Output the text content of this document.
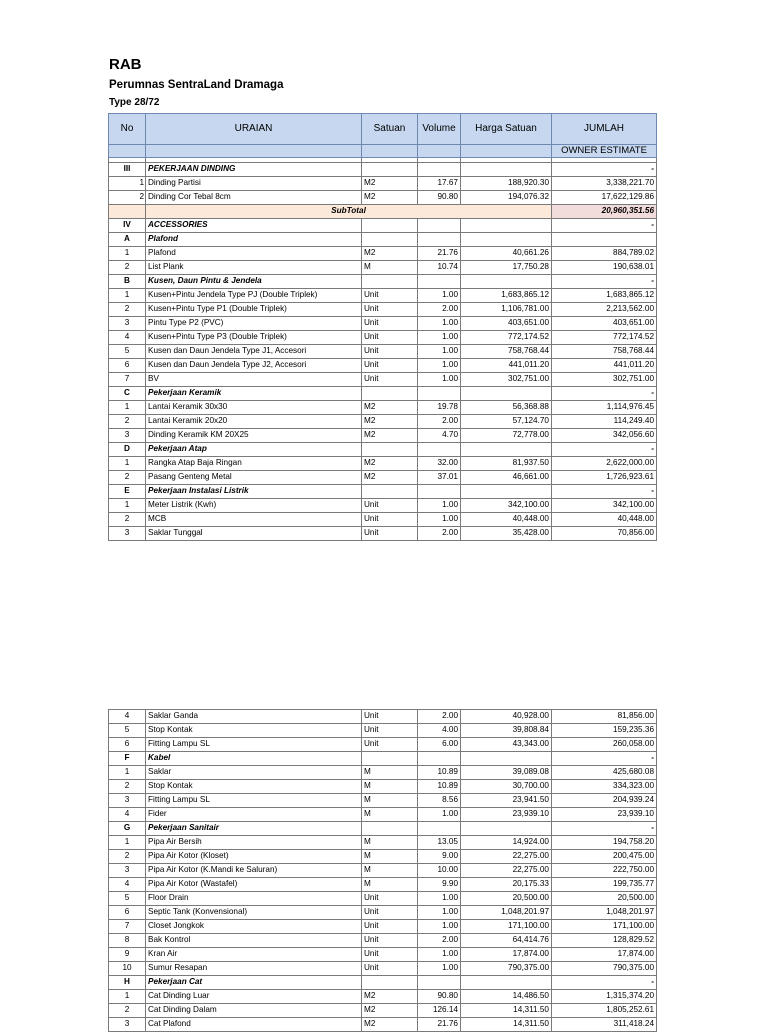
RAB
Perumnas SentraLand Dramaga
Type 28/72
No	URAIAN	Satuan	Volume	Harga Satuan	JUMLAH
					OWNER ESTIMATE

III	PEKERJAAN DINDING				-
1	Dinding Partisi	M2	17.67	188,920.30	3,338,221.70
2	Dinding Cor Tebal 8cm	M2	90.80	194,076.32	17,622,129.86
	SubTotal				20,960,351.56
IV	ACCESSORIES				-
A	Plafond				
1	Plafond	M2	21.76	40,661.26	884,789.02
2	List Plank	M	10.74	17,750.28	190,638.01
B	Kusen, Daun Pintu & Jendela				-
1	Kusen+Pintu Jendela Type PJ (Double Triplek)	Unit	1.00	1,683,865.12	1,683,865.12
2	Kusen+Pintu Type P1 (Double Triplek)	Unit	2.00	1,106,781.00	2,213,562.00
3	Pintu Type P2 (PVC)	Unit	1.00	403,651.00	403,651.00
4	Kusen+Pintu Type P3 (Double Triplek)	Unit	1.00	772,174.52	772,174.52
5	Kusen dan Daun Jendela Type J1, Accesori	Unit	1.00	758,768.44	758,768.44
6	Kusen dan Daun Jendela Type J2, Accesori	Unit	1.00	441,011.20	441,011.20
7	BV	Unit	1.00	302,751.00	302,751.00
C	Pekerjaan Keramik				-
1	Lantai Keramik 30x30	M2	19.78	56,368.88	1,114,976.45
2	Lantai Keramik 20x20	M2	2.00	57,124.70	114,249.40
3	Dinding Keramik KM 20X25	M2	4.70	72,778.00	342,056.60
D	Pekerjaan Atap				-
1	Rangka Atap Baja Ringan	M2	32.00	81,937.50	2,622,000.00
2	Pasang Genteng Metal	M2	37.01	46,661.00	1,726,923.61
E	Pekerjaan Instalasi Listrik				-
1	Meter Listrik (Kwh)	Unit	1.00	342,100.00	342,100.00
2	MCB	Unit	1.00	40,448.00	40,448.00
3	Saklar Tunggal	Unit	2.00	35,428.00	70,856.00
4	Saklar Ganda	Unit	2.00	40,928.00	81,856.00
5	Stop Kontak	Unit	4.00	39,808.84	159,235.36
6	Fitting Lampu SL	Unit	6.00	43,343.00	260,058.00
F	Kabel				-
1	Saklar	M	10.89	39,089.08	425,680.08
2	Stop Kontak	M	10.89	30,700.00	334,323.00
3	Fitting Lampu SL	M	8.56	23,941.50	204,939.24
4	Fider	M	1.00	23,939.10	23,939.10
G	Pekerjaan Sanitair				-
1	Pipa Air Bersih	M	13.05	14,924.00	194,758.20
2	Pipa Air Kotor (Kloset)	M	9.00	22,275.00	200,475.00
3	Pipa Air Kotor (K.Mandi ke Saluran)	M	10.00	22,275.00	222,750.00
4	Pipa Air Kotor (Wastafel)	M	9.90	20,175.33	199,735.77
5	Floor Drain	Unit	1.00	20,500.00	20,500.00
6	Septic Tank (Konvensional)	Unit	1.00	1,048,201.97	1,048,201.97
7	Closet Jongkok	Unit	1.00	171,100.00	171,100.00
8	Bak Kontrol	Unit	2.00	64,414.76	128,829.52
9	Kran Air	Unit	1.00	17,874.00	17,874.00
10	Sumur Resapan	Unit	1.00	790,375.00	790,375.00
H	Pekerjaan Cat				-
1	Cat Dinding Luar	M2	90.80	14,486.50	1,315,374.20
2	Cat Dinding Dalam	M2	126.14	14,311.50	1,805,252.61
3	Cat Plafond	M2	21.76	14,311.50	311,418.24
